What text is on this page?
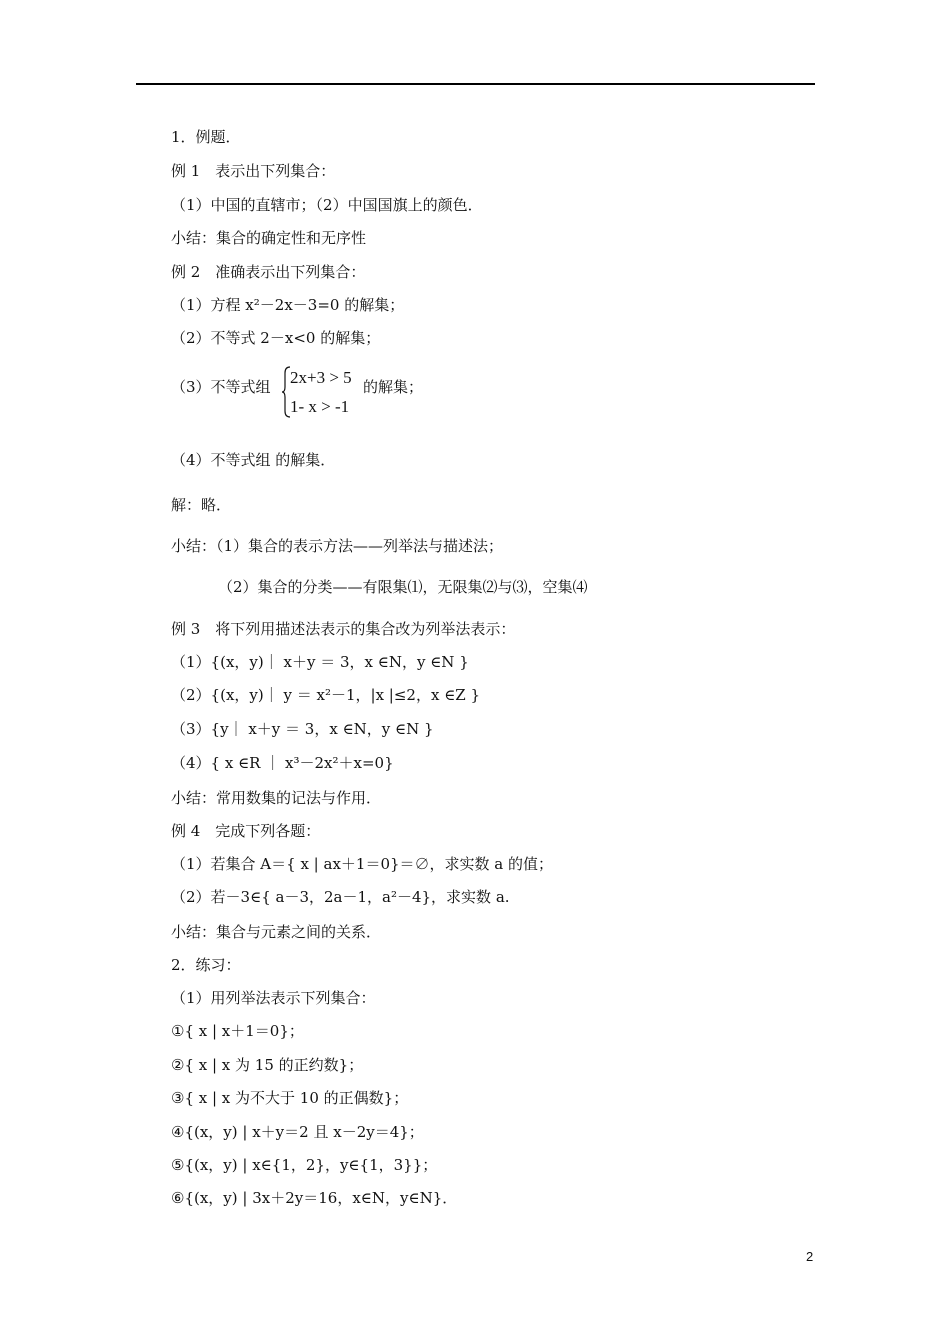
1．例题．
例 1　表示出下列集合：
（1）中国的直辖市；（2）中国国旗上的颜色．
小结：集合的确定性和无序性
例 2　准确表示出下列集合：
（1）方程 x²－2x－3=0 的解集；
（2）不等式 2－x<0 的解集；
（3）不等式组 2x+3 > 5
1- x > -1
的解集；
（4）不等式组 的解集．
解：略．
小结：（1）集合的表示方法——列举法与描述法；
（2）集合的分类——有限集⑴，无限集⑵与⑶，空集⑷
例 3　将下列用描述法表示的集合改为列举法表示：
（1）{(x，y)｜ x＋y ＝ 3，x ∈N，y ∈N }
（2）{(x，y)｜ y ＝ x²－1，|x |≤2，x ∈Z }
（3）{y｜ x＋y ＝ 3，x ∈N，y ∈N }
（4）{ x ∈R ｜ x³－2x²＋x=0}
小结：常用数集的记法与作用．
例 4　完成下列各题：
（1）若集合 A＝{ x | ax＋1＝0}＝∅，求实数 a 的值；
（2）若－3∈{ a－3，2a－1，a²－4}，求实数 a.
小结：集合与元素之间的关系．
2．练习：
（1）用列举法表示下列集合：
①{ x | x＋1＝0}；
②{ x | x 为 15 的正约数}；
③{ x | x 为不大于 10 的正偶数}；
④{(x，y) | x＋y＝2 且 x－2y＝4}；
⑤{(x，y) | x∈{1，2}，y∈{1，3}}；
⑥{(x，y) | 3x＋2y＝16，x∈N，y∈N}．
2
